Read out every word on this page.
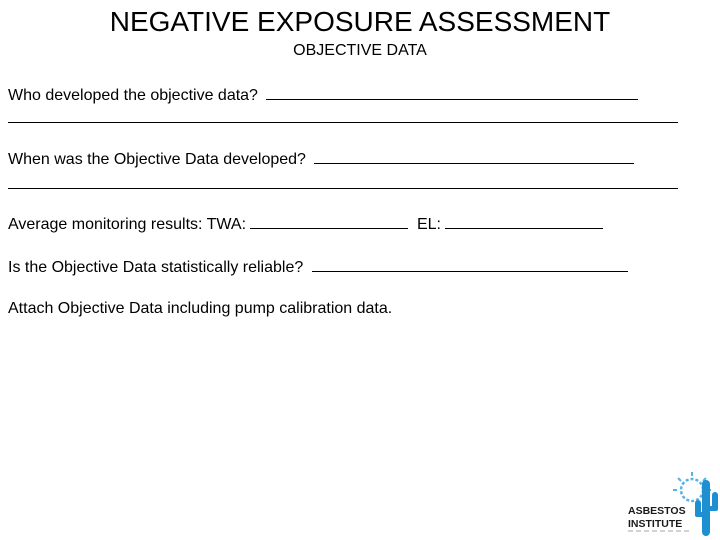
NEGATIVE EXPOSURE ASSESSMENT
OBJECTIVE DATA
Who developed the objective data?
When was the Objective Data developed?
Average monitoring results: TWA:	EL:
Is the Objective Data statistically reliable?
Attach Objective Data including pump calibration data.
ASBESTOS
INSTITUTE
